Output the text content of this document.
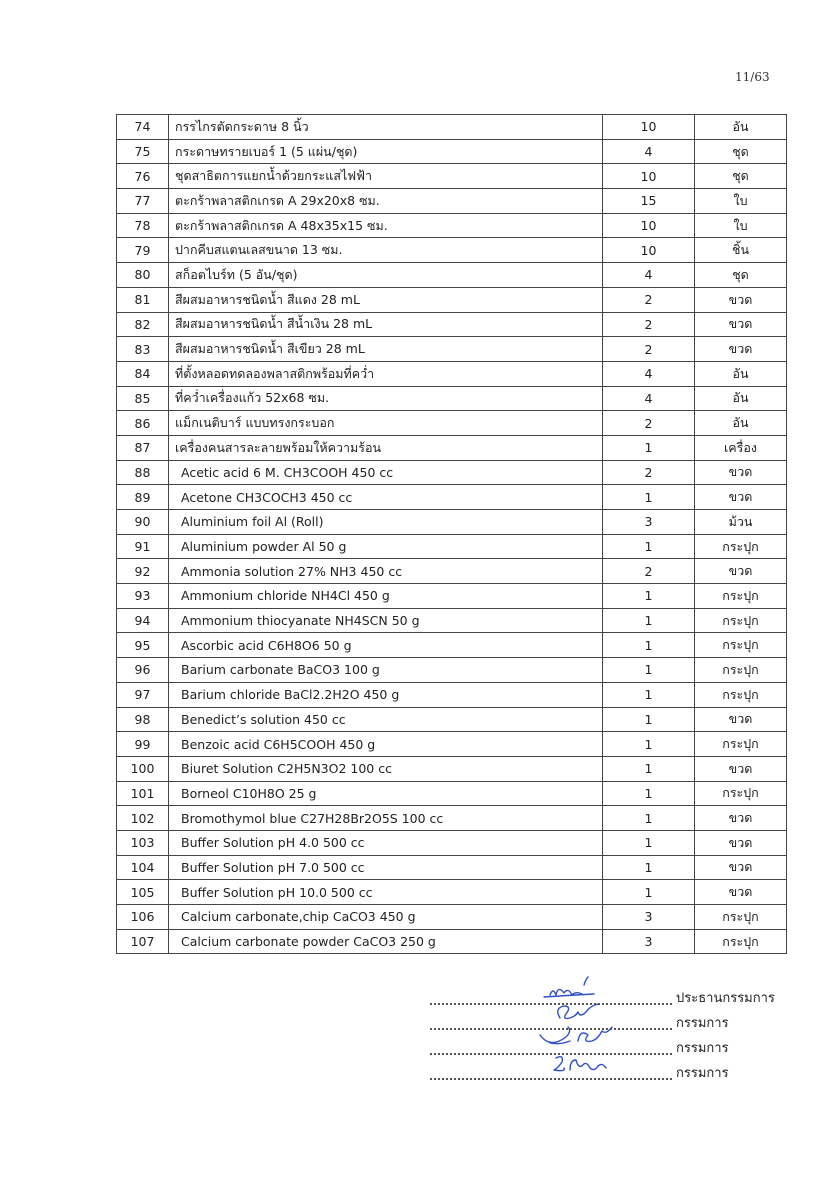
11/63
74	กรรไกรตัดกระดาษ 8 นิ้ว	10	อัน
75	กระดาษทรายเบอร์ 1 (5 แผ่น/ชุด)	4	ชุด
76	ชุดสาธิตการแยกน้ำด้วยกระแสไฟฟ้า	10	ชุด
77	ตะกร้าพลาสติกเกรด A 29x20x8 ซม.	15	ใบ
78	ตะกร้าพลาสติกเกรด A 48x35x15 ซม.	10	ใบ
79	ปากคีบสแตนเลสขนาด 13 ซม.	10	ชิ้น
80	สก็อตไบร์ท (5 อัน/ชุด)	4	ชุด
81	สีผสมอาหารชนิดน้ำ สีแดง 28 mL	2	ขวด
82	สีผสมอาหารชนิดน้ำ สีน้ำเงิน 28 mL	2	ขวด
83	สีผสมอาหารชนิดน้ำ สีเขียว 28 mL	2	ขวด
84	ที่ตั้งหลอดทดลองพลาสติกพร้อมที่คว่ำ	4	อัน
85	ที่คว่ำเครื่องแก้ว 52x68 ซม.	4	อัน
86	แม็กเนติบาร์ แบบทรงกระบอก	2	อัน
87	เครื่องคนสารละลายพร้อมให้ความร้อน	1	เครื่อง
88	Acetic acid 6 M. CH3COOH 450 cc	2	ขวด
89	Acetone CH3COCH3 450 cc	1	ขวด
90	Aluminium foil Al (Roll)	3	ม้วน
91	Aluminium powder Al 50 g	1	กระปุก
92	Ammonia solution 27% NH3 450 cc	2	ขวด
93	Ammonium chloride NH4Cl 450 g	1	กระปุก
94	Ammonium thiocyanate NH4SCN 50 g	1	กระปุก
95	Ascorbic acid C6H8O6 50 g	1	กระปุก
96	Barium carbonate BaCO3 100 g	1	กระปุก
97	Barium chloride BaCl2.2H2O 450 g	1	กระปุก
98	Benedict’s solution 450 cc	1	ขวด
99	Benzoic acid C6H5COOH 450 g	1	กระปุก
100	Biuret Solution C2H5N3O2 100 cc	1	ขวด
101	Borneol C10H8O 25 g	1	กระปุก
102	Bromothymol blue C27H28Br2O5S 100 cc	1	ขวด
103	Buffer Solution pH 4.0 500 cc	1	ขวด
104	Buffer Solution pH 7.0 500 cc	1	ขวด
105	Buffer Solution pH 10.0 500 cc	1	ขวด
106	Calcium carbonate,chip CaCO3 450 g	3	กระปุก
107	Calcium carbonate powder CaCO3 250 g	3	กระปุก
ประธานกรรมการ
กรรมการ
กรรมการ
กรรมการ
